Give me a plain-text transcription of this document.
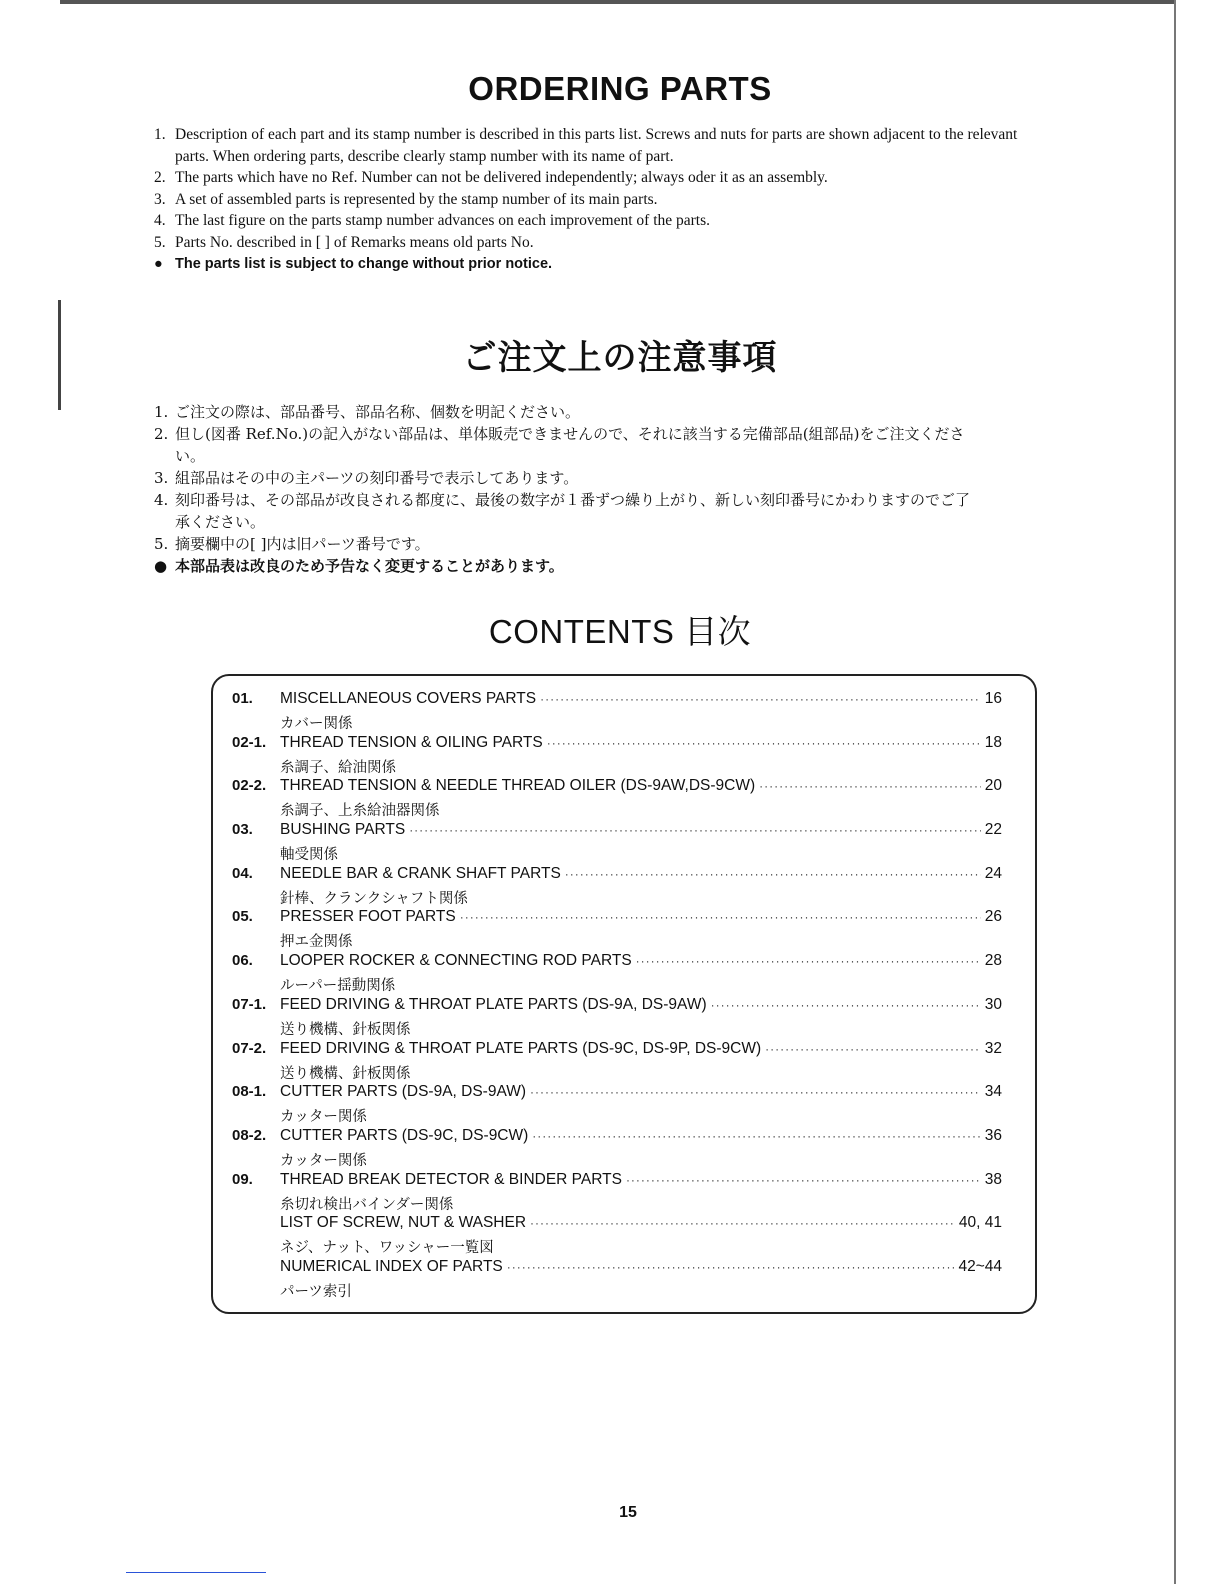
ORDERING PARTS
1. Description of each part and its stamp number is described in this parts list. Screws and nuts for parts are shown adjacent to the relevant parts. When ordering parts, describe clearly stamp number with its name of part.
2. The parts which have no Ref. Number can not be delivered independently; always oder it as an assembly.
3. A set of assembled parts is represented by the stamp number of its main parts.
4. The last figure on the parts stamp number advances on each improvement of the parts.
5. Parts No. described in [ ] of Remarks means old parts No.
● The parts list is subject to change without prior notice.
ご注文上の注意事項
1. ご注文の際は、部品番号、部品名称、個数を明記ください。
2. 但し(図番 Ref.No.)の記入がない部品は、単体販売できませんので、それに該当する完備部品(組部品)をご注文ください。
3. 組部品はその中の主パーツの刻印番号で表示してあります。
4. 刻印番号は、その部品が改良される都度に、最後の数字が１番ずつ繰り上がり、新しい刻印番号にかわりますのでご了承ください。
5. 摘要欄中の[ ]内は旧パーツ番号です。
● 本部品表は改良のため予告なく変更することがあります。
CONTENTS 目次
01.	MISCELLANEOUS COVERS PARTS ·····	16
カバー関係
02-1. THREAD TENSION & OILING PARTS ·····	18
糸調子、給油関係
02-2. THREAD TENSION & NEEDLE THREAD OILER (DS-9AW,DS-9CW) ·····	20
糸調子、上糸給油器関係
03.	BUSHING PARTS ·····	22
軸受関係
04.	NEEDLE BAR & CRANK SHAFT PARTS ·····	24
針棒、クランクシャフト関係
05.	PRESSER FOOT PARTS ·····	26
押エ金関係
06.	LOOPER ROCKER & CONNECTING ROD PARTS ·····	28
ルーパー揺動関係
07-1. FEED DRIVING & THROAT PLATE PARTS (DS-9A, DS-9AW) ·····	30
送り機構、針板関係
07-2. FEED DRIVING & THROAT PLATE PARTS (DS-9C, DS-9P, DS-9CW) ·····	32
送り機構、針板関係
08-1. CUTTER PARTS (DS-9A, DS-9AW) ·····	34
カッター関係
08-2. CUTTER PARTS (DS-9C, DS-9CW) ·····	36
カッター関係
09.	THREAD BREAK DETECTOR & BINDER PARTS ·····	38
糸切れ検出バインダー関係
LIST OF SCREW, NUT & WASHER ·····	40, 41
ネジ、ナット、ワッシャー一覧図
NUMERICAL INDEX OF PARTS ·····	42~44
パーツ索引
15
